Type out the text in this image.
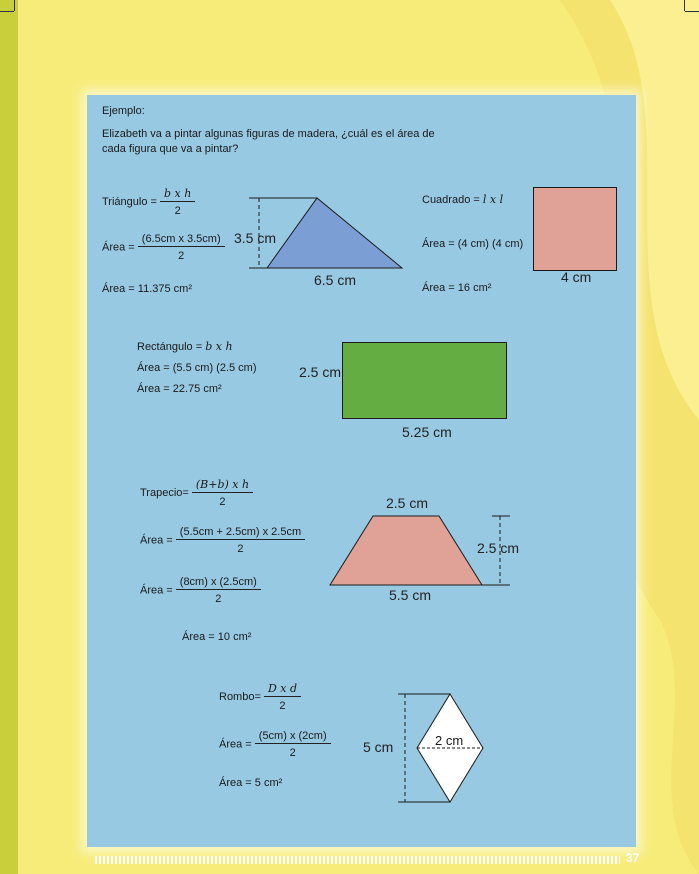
Ejemplo:
Elizabeth va a pintar algunas figuras de madera, ¿cuál es el área de cada figura que va a pintar?
Triángulo = $\frac{\text{b x h}}{2}$
Área = $\frac{\text{(6.5cm x 3.5cm)}}{2}$
Área = 11.375 cm²
3.5 cm
6.5 cm
Cuadrado = l x l
Área = (4 cm) (4 cm)
Área = 16 cm²
4 cm
Rectángulo = b x h
Área = (5.5 cm) (2.5 cm)
Área = 22.75 cm²
2.5 cm
5.25 cm
Trapecio= $\frac{\text{(B+b) x h}}{2}$
Área = $\frac{(5.5cm + 2.5cm) x 2.5cm}{2}$
Área = $\frac{(8cm) x (2.5cm)}{2}$
Área = 10 cm²
2.5 cm
5.5 cm
2.5 cm
Rombo= $\frac{\text{D x d}}{2}$
Área = $\frac{(5cm) x (2cm)}{2}$
Área = 5 cm²
5 cm	2 cm
37
